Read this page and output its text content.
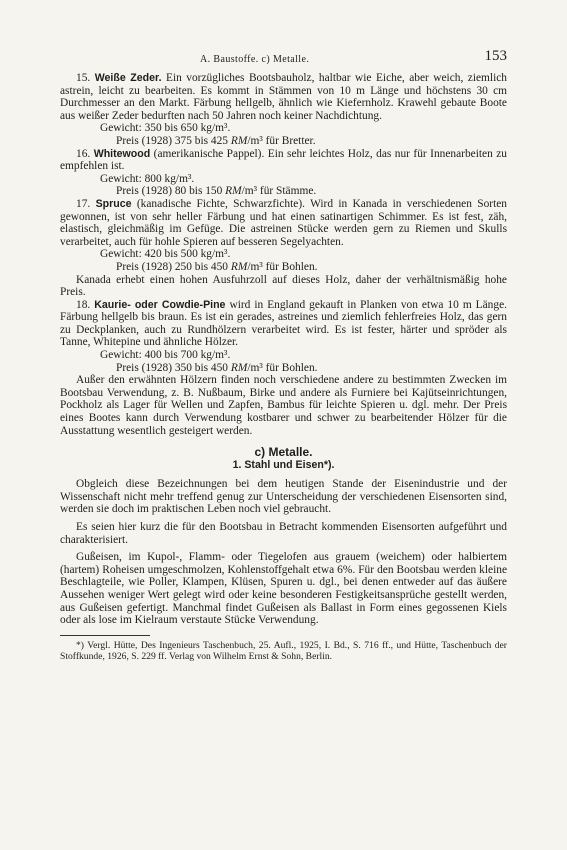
A. Baustoffe. c) Metalle.	153

15. Weiße Zeder. Ein vorzügliches Bootsbauholz, haltbar wie Eiche, aber weich, ziemlich astrein, leicht zu bearbeiten. Es kommt in Stämmen von 10 m Länge und höchstens 30 cm Durchmesser an den Markt. Färbung hellgelb, ähnlich wie Kiefernholz. Krawehl gebaute Boote aus weißer Zeder bedurften nach 50 Jahren noch keiner Nachdichtung.

Gewicht: 350 bis 650 kg/m³.

Preis (1928) 375 bis 425 RM/m³ für Bretter.

16. Whitewood (amerikanische Pappel). Ein sehr leichtes Holz, das nur für Innenarbeiten zu empfehlen ist.

Gewicht: 800 kg/m³.

Preis (1928) 80 bis 150 RM/m³ für Stämme.

17. Spruce (kanadische Fichte, Schwarzfichte). Wird in Kanada in verschiedenen Sorten gewonnen, ist von sehr heller Färbung und hat einen satinartigen Schimmer. Es ist fest, zäh, elastisch, gleichmäßig im Gefüge. Die astreinen Stücke werden gern zu Riemen und Skulls verarbeitet, auch für hohle Spieren auf besseren Segelyachten.

Gewicht: 420 bis 500 kg/m³.

Preis (1928) 250 bis 450 RM/m³ für Bohlen.

Kanada erhebt einen hohen Ausfuhrzoll auf dieses Holz, daher der verhältnismäßig hohe Preis.

18. Kaurie- oder Cowdie-Pine wird in England gekauft in Planken von etwa 10 m Länge. Färbung hellgelb bis braun. Es ist ein gerades, astreines und ziemlich fehlerfreies Holz, das gern zu Deckplanken, auch zu Rundhölzern verarbeitet wird. Es ist fester, härter und spröder als Tanne, Whitepine und ähnliche Hölzer.

Gewicht: 400 bis 700 kg/m³.

Preis (1928) 350 bis 450 RM/m³ für Bohlen.

Außer den erwähnten Hölzern finden noch verschiedene andere zu bestimmten Zwecken im Bootsbau Verwendung, z. B. Nußbaum, Birke und andere als Furniere bei Kajütseinrichtungen, Pockholz als Lager für Wellen und Zapfen, Bambus für leichte Spieren u. dgl. mehr. Der Preis eines Bootes kann durch Verwendung kostbarer und schwer zu bearbeitender Hölzer für die Ausstattung wesentlich gesteigert werden.

c) Metalle.

1. Stahl und Eisen*).

Obgleich diese Bezeichnungen bei dem heutigen Stande der Eisenindustrie und der Wissenschaft nicht mehr treffend genug zur Unterscheidung der verschiedenen Eisensorten sind, werden sie doch im praktischen Leben noch viel gebraucht.

Es seien hier kurz die für den Bootsbau in Betracht kommenden Eisensorten aufgeführt und charakterisiert.

Gußeisen, im Kupol-, Flamm- oder Tiegelofen aus grauem (weichem) oder halbiertem (hartem) Roheisen umgeschmolzen, Kohlenstoffgehalt etwa 6%. Für den Bootsbau werden kleine Beschlagteile, wie Poller, Klampen, Klüsen, Spuren u. dgl., bei denen entweder auf das äußere Aussehen weniger Wert gelegt wird oder keine besonderen Festigkeitsansprüche gestellt werden, aus Gußeisen gefertigt. Manchmal findet Gußeisen als Ballast in Form eines gegossenen Kiels oder als lose im Kielraum verstaute Stücke Verwendung.

*) Vergl. Hütte, Des Ingenieurs Taschenbuch, 25. Aufl., 1925, I. Bd., S. 716 ff., und Hütte, Taschenbuch der Stoffkunde, 1926, S. 229 ff. Verlag von Wilhelm Ernst & Sohn, Berlin.
